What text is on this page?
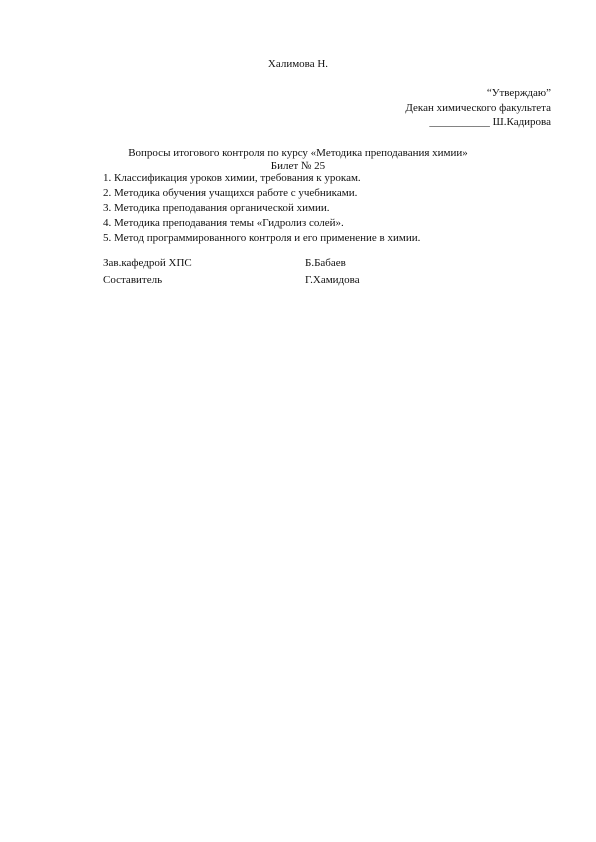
Халимова Н.
“Утверждаю”
Декан химического факультета
___________ Ш.Кадирова
Вопросы итогового контроля по курсу «Методика преподавания химии»
Билет № 25
1. Классификация уроков химии, требования к урокам.
2. Методика обучения учащихся работе с учебниками.
3. Методика преподавания органической химии.
4. Методика преподавания темы «Гидролиз солей».
5. Метод программированного контроля и его применение в химии.
Зав.кафедрой ХПС	Б.Бабаев
Составитель	Г.Хамидова
